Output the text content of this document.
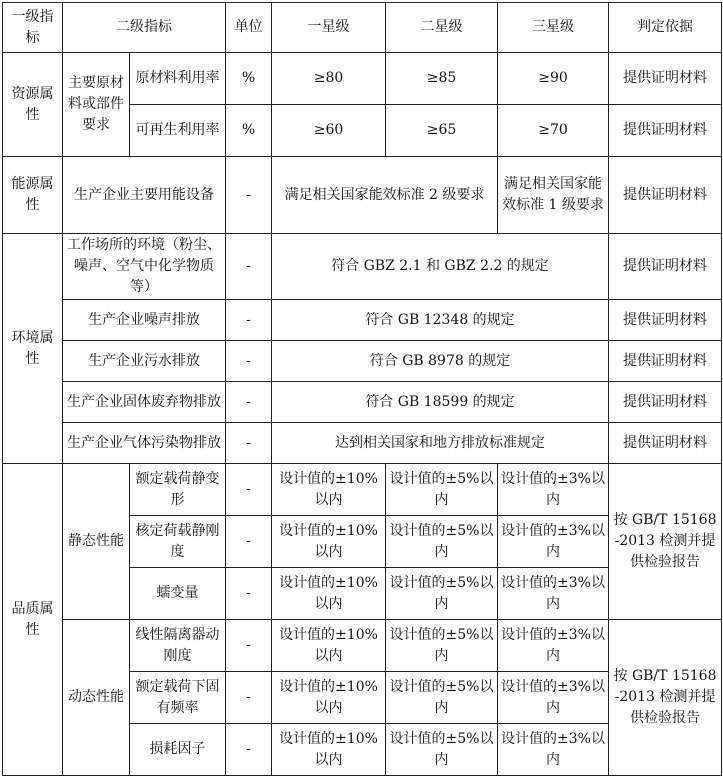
一级指标	二级指标		单位	一星级	二星级	三星级	判定依据
资源属性	主要原材料或部件要求	原材料利用率	%	≥80	≥85	≥90	提供证明材料
		可再生利用率	%	≥60	≥65	≥70	提供证明材料
能源属性	生产企业主要用能设备		-	满足相关国家能效标准 2 级要求		满足相关国家能效标准 1 级要求	提供证明材料
环境属性	工作场所的环境（粉尘、噪声、空气中化学物质等）		-	符合 GBZ 2.1 和 GBZ 2.2 的规定			提供证明材料
	生产企业噪声排放		-	符合 GB 12348 的规定			提供证明材料
	生产企业污水排放		-	符合 GB 8978 的规定			提供证明材料
	生产企业固体废弃物排放		-	符合 GB 18599 的规定			提供证明材料
	生产企业气体污染物排放		-	达到相关国家和地方排放标准规定			提供证明材料
品质属性	静态性能	额定载荷静变形	-	设计值的±10%以内	设计值的±5%以内	设计值的±3%以内	按 GB/T 15168-2013 检测并提供检验报告
		核定荷载静刚度	-	设计值的±10%以内	设计值的±5%以内	设计值的±3%以内	
		蠕变量	-	设计值的±10%以内	设计值的±5%以内	设计值的±3%以内	
	动态性能	线性隔离器动刚度	-	设计值的±10%以内	设计值的±5%以内	设计值的±3%以内	按 GB/T 15168-2013 检测并提供检验报告
		额定载荷下固有频率	-	设计值的±10%以内	设计值的±5%以内	设计值的±3%以内	
		损耗因子	-	设计值的±10%以内	设计值的±5%以内	设计值的±3%以内	
